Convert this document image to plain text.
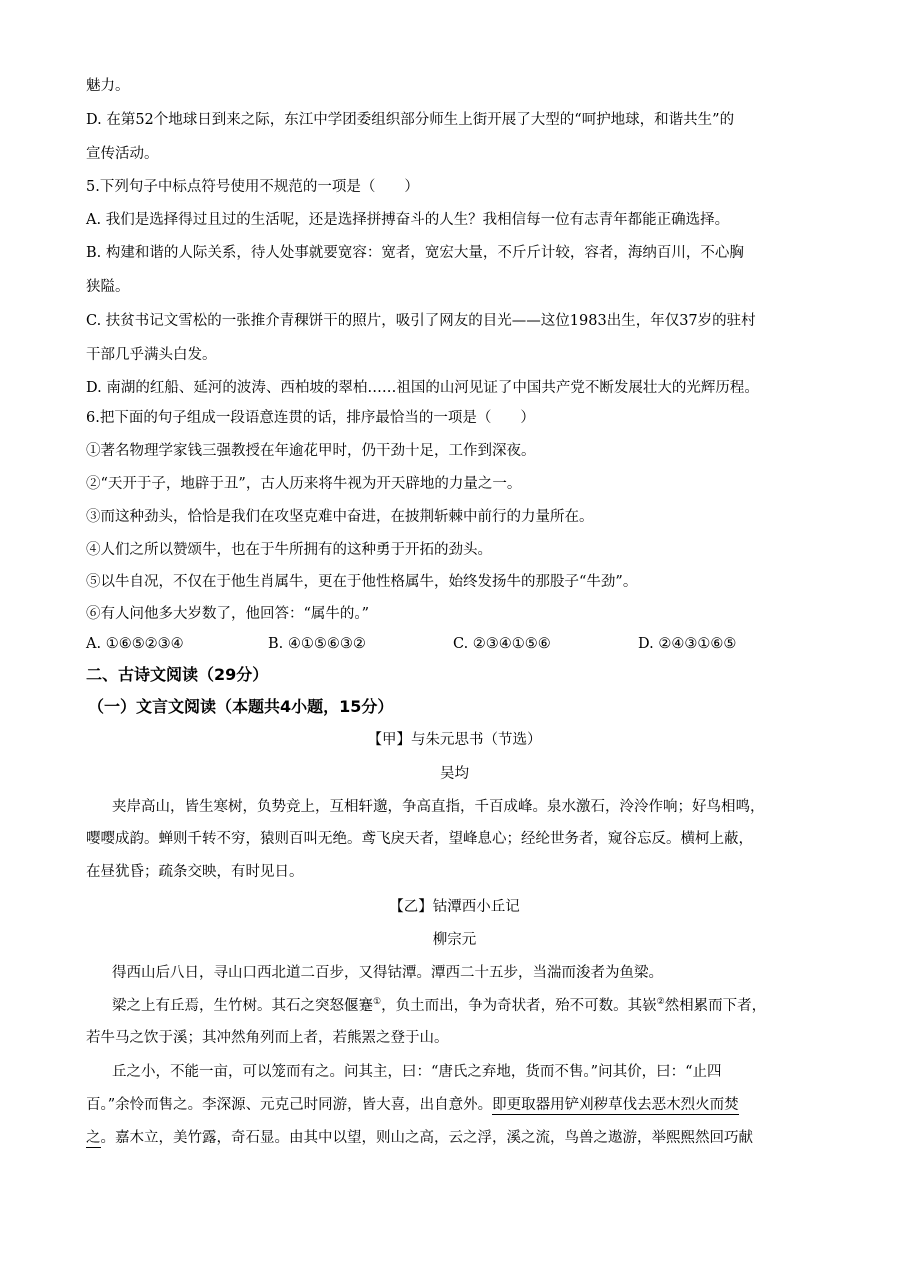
魅力。
D. 在第52个地球日到来之际，东江中学团委组织部分师生上街开展了大型的“呵护地球，和谐共生”的
宣传活动。
5.下列句子中标点符号使用不规范的一项是（　　）
A. 我们是选择得过且过的生活呢，还是选择拼搏奋斗的人生？我相信每一位有志青年都能正确选择。
B. 构建和谐的人际关系，待人处事就要宽容：宽者，宽宏大量，不斤斤计较，容者，海纳百川，不心胸
狭隘。
C. 扶贫书记文雪松的一张推介青稞饼干的照片，吸引了网友的目光——这位1983出生，年仅37岁的驻村
干部几乎满头白发。
D. 南湖的红船、延河的波涛、西柏坡的翠柏……祖国的山河见证了中国共产党不断发展壮大的光辉历程。
6.把下面的句子组成一段语意连贯的话，排序最恰当的一项是（　　）
①著名物理学家钱三强教授在年逾花甲时，仍干劲十足，工作到深夜。
②“天开于子，地辟于丑”，古人历来将牛视为开天辟地的力量之一。
③而这种劲头，恰恰是我们在攻坚克难中奋进，在披荆斩棘中前行的力量所在。
④人们之所以赞颂牛，也在于牛所拥有的这种勇于开拓的劲头。
⑤以牛自况，不仅在于他生肖属牛，更在于他性格属牛，始终发扬牛的那股子“牛劲”。
⑥有人问他多大岁数了，他回答：“属牛的。”
A. ①⑥⑤②③④	B. ④①⑤⑥③②	C. ②③④①⑤⑥	D. ②④③①⑥⑤
二、古诗文阅读（29分）
（一）文言文阅读（本题共4小题，15分）
【甲】与朱元思书（节选）
吴均
夹岸高山，皆生寒树，负势竞上，互相轩邈，争高直指，千百成峰。泉水激石，泠泠作响；好鸟相鸣，
嘤嘤成韵。蝉则千转不穷，猿则百叫无绝。鸢飞戾天者，望峰息心；经纶世务者，窥谷忘反。横柯上蔽，
在昼犹昏；疏条交映，有时见日。
【乙】钴潭西小丘记
柳宗元
得西山后八日，寻山口西北道二百步，又得钴潭。潭西二十五步，当湍而浚者为鱼梁。
梁之上有丘焉，生竹树。其石之突怒偃蹇①，负土而出，争为奇状者，殆不可数。其嵚②然相累而下者，
若牛马之饮于溪；其冲然角列而上者，若熊罴之登于山。
丘之小，不能一亩，可以笼而有之。问其主，曰：“唐氏之弃地，货而不售。”问其价，曰：“止四
百。”余怜而售之。李深源、元克己时同游，皆大喜，出自意外。即更取器用铲刈秽草伐去恶木烈火而焚
之。嘉木立，美竹露，奇石显。由其中以望，则山之高，云之浮，溪之流，鸟兽之遨游，举熙熙然回巧献
